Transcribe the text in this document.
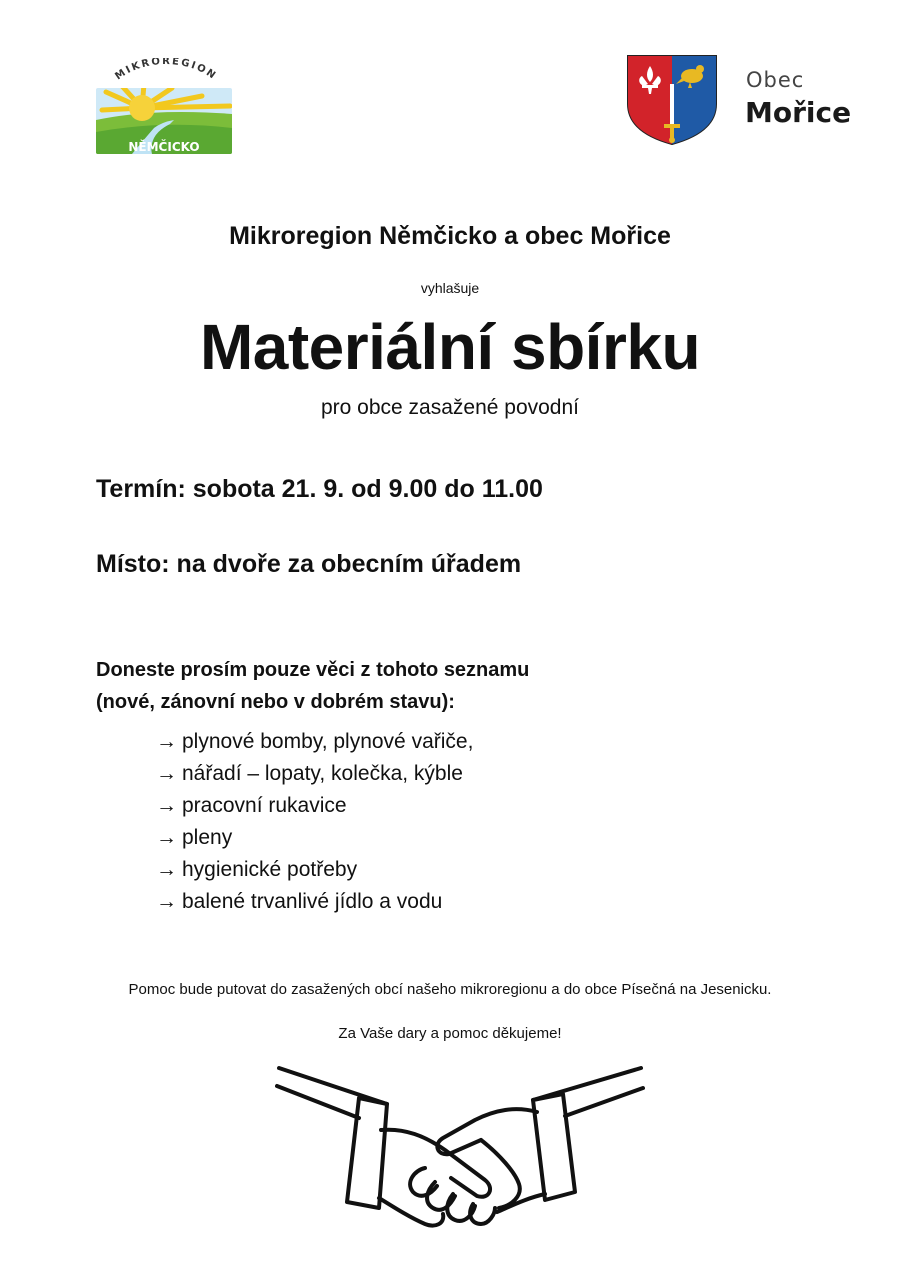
MIKROREGION
NĚMČICKO
Obec
Mořice
Mikroregion Němčicko a obec Mořice
vyhlašuje
Materiální sbírku
pro obce zasažené povodní
Termín: sobota 21. 9. od 9.00 do 11.00
Místo: na dvoře za obecním úřadem
Doneste prosím pouze věci z tohoto seznamu
(nové, zánovní nebo v dobrém stavu):
→ plynové bomby, plynové vařiče,
→ nářadí – lopaty, kolečka, kýble
→ pracovní rukavice
→ pleny
→ hygienické potřeby
→ balené trvanlivé jídlo a vodu
Pomoc bude putovat do zasažených obcí našeho mikroregionu a do obce Písečná na Jesenicku.
Za Vaše dary a pomoc děkujeme!
